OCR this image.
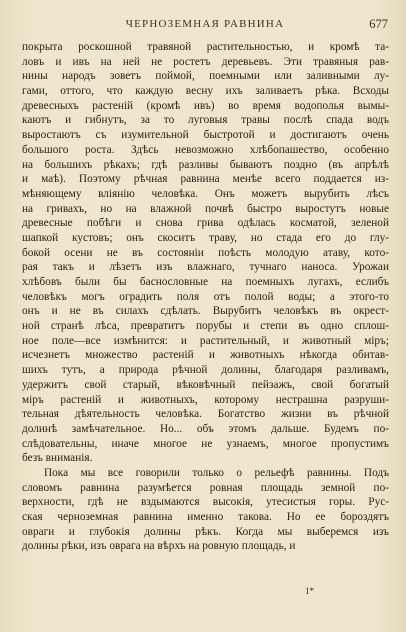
ЧЕРНОЗЕМНАЯ РАВНИНА	677
покрыта роскошной травяной растительностью, и кромѣ та-
ловъ и ивъ на ней не ростетъ деревьевъ. Эти травяныя рав-
нины народъ зоветъ поймой, поемными или заливными лу-
гами, оттого, что каждую весну ихъ заливаетъ рѣка. Всходы
древесныхъ растеній (кромѣ ивъ) во время водополья вымы-
каютъ и гибнутъ, за то луговыя травы послѣ спада водъ
выростаютъ съ изумительной быстротой и достигаютъ очень
большого роста. Здѣсь невозможно хлѣбопашество, особенно
на большихъ рѣкахъ; гдѣ разливы бываютъ поздно (въ апрѣлѣ
и маѣ). Поэтому рѣчная равнина менѣе всего поддается из-
мѣняющему вліянію человѣка. Онъ можетъ вырубить лѣсъ
на гривахъ, но на влажной почвѣ быстро выростутъ новые
древесные побѣги и снова грива одѣлась косматой, зеленой
шапкой кустовъ; онъ скоситъ траву, но стада его до глу-
бокой осени не въ состояніи поѣсть молодую атаву, кото-
рая такъ и лѣзетъ изъ влажнаго, тучнаго наноса. Урожаи
хлѣбовъ были бы баснословные на поемныхъ лугахъ, еслибъ
человѣкъ могъ оградить поля отъ полой воды; а этого-то
онъ и не въ силахъ сдѣлать. Вырубитъ человѣкъ въ окрест-
ной странѣ лѣса, превратитъ порубы и степи въ одно сплош-
ное поле—все измѣнится: и растительный, и животный міръ;
исчезнетъ множество растеній и животныхъ нѣкогда обитав-
шихъ тутъ, а природа рѣчной долины, благодаря разливамъ,
удержитъ свой старый, вѣковѣчный пейзажъ, свой богатый
міръ растеній и животныхъ, которому нестрашна разруши-
тельная дѣятельность человѣка. Богатство жизни въ рѣчной
долинѣ замѣчательное. Но... объ этомъ дальше. Будемъ по-
слѣдовательны, иначе многое не узнаемъ, многое пропустимъ
безъ вниманія.
Пока мы все говорили только о рельефѣ равнины. Подъ
словомъ равнина разумѣется ровная площадь земной по-
верхности, гдѣ не вздымаются высокія, утесистыя горы. Рус-
ская черноземная равнина именно такова. Но ее бороздятъ
овраги и глубокія долины рѣкъ. Когда мы выберемся изъ
долины рѣки, изъ оврага на вѣрхъ на ровную площадь, и
1*
